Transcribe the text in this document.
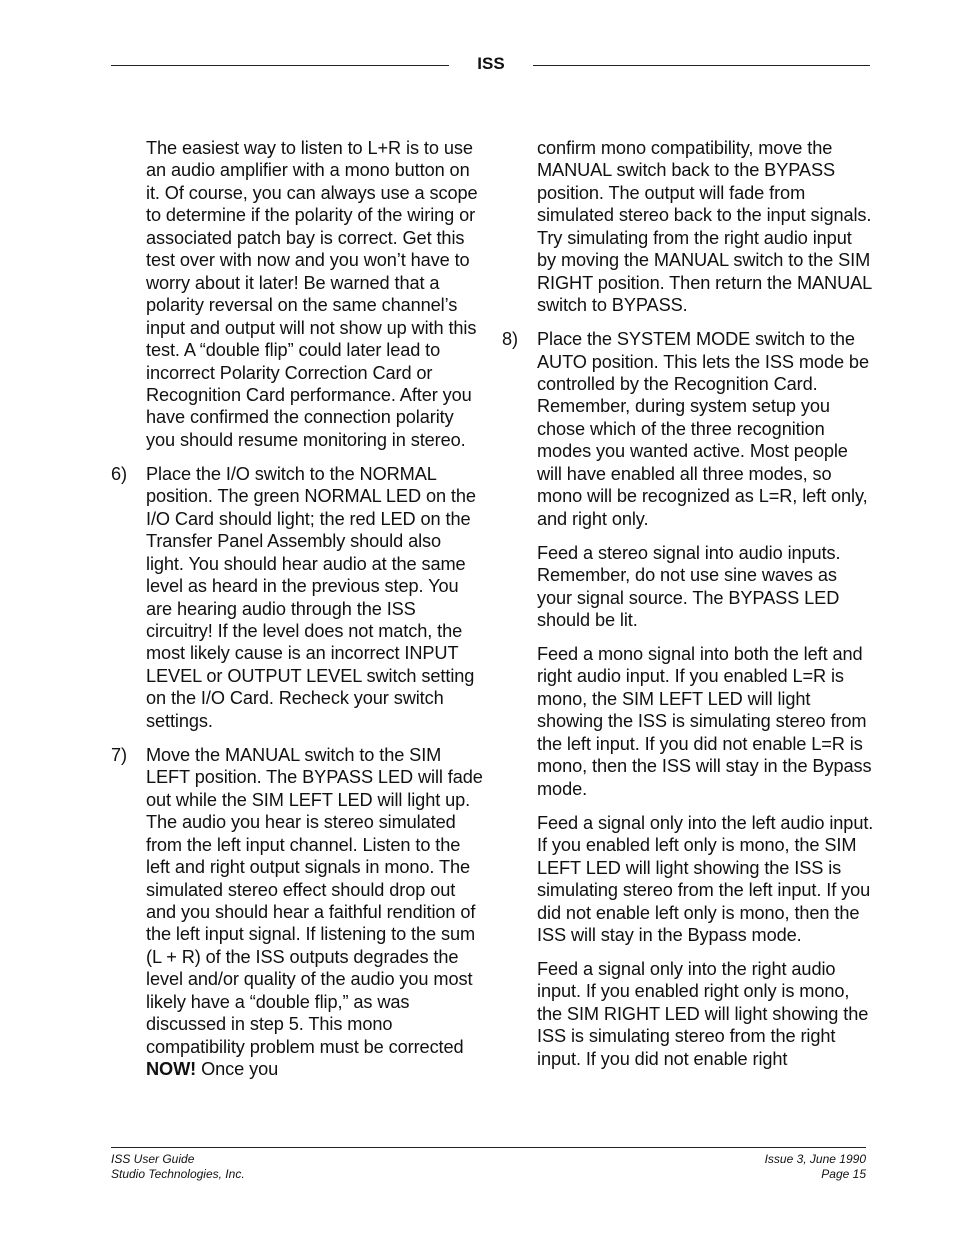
ISS

The easiest way to listen to L+R is to use an audio amplifier with a mono button on it. Of course, you can always use a scope to determine if the polarity of the wiring or associated patch bay is correct. Get this test over with now and you won’t have to worry about it later! Be warned that a polarity reversal on the same channel’s input and output will not show up with this test. A “double flip” could later lead to incorrect Polarity Correction Card or Recognition Card performance. After you have confirmed the connection polarity you should resume monitoring in stereo.

6) Place the I/O switch to the NORMAL position. The green NORMAL LED on the I/O Card should light; the red LED on the Transfer Panel Assembly should also light. You should hear audio at the same level as heard in the previous step. You are hearing audio through the ISS circuitry! If the level does not match, the most likely cause is an incorrect INPUT LEVEL or OUTPUT LEVEL switch setting on the I/O Card. Recheck your switch settings.

7) Move the MANUAL switch to the SIM LEFT position. The BYPASS LED will fade out while the SIM LEFT LED will light up. The audio you hear is stereo simulated from the left input channel. Listen to the left and right output signals in mono. The simulated stereo effect should drop out and you should hear a faithful rendition of the left input signal. If listening to the sum (L + R) of the ISS outputs degrades the level and/or quality of the audio you most likely have a “double flip,” as was discussed in step 5. This mono compatibility problem must be corrected NOW! Once you

confirm mono compatibility, move the MANUAL switch back to the BYPASS position. The output will fade from simulated stereo back to the input signals. Try simulating from the right audio input by moving the MANUAL switch to the SIM RIGHT position. Then return the MANUAL switch to BYPASS.

8) Place the SYSTEM MODE switch to the AUTO position. This lets the ISS mode be controlled by the Recognition Card. Remember, during system setup you chose which of the three recognition modes you wanted active. Most people will have enabled all three modes, so mono will be recognized as L=R, left only, and right only.

Feed a stereo signal into audio inputs. Remember, do not use sine waves as your signal source. The BYPASS LED should be lit.

Feed a mono signal into both the left and right audio input. If you enabled L=R is mono, the SIM LEFT LED will light showing the ISS is simulating stereo from the left input. If you did not enable L=R is mono, then the ISS will stay in the Bypass mode.

Feed a signal only into the left audio input. If you enabled left only is mono, the SIM LEFT LED will light showing the ISS is simulating stereo from the left input. If you did not enable left only is mono, then the ISS will stay in the Bypass mode.

Feed a signal only into the right audio input. If you enabled right only is mono, the SIM RIGHT LED will light showing the ISS is simulating stereo from the right input. If you did not enable right

ISS User Guide
Studio Technologies, Inc.
Issue 3, June 1990
Page 15
